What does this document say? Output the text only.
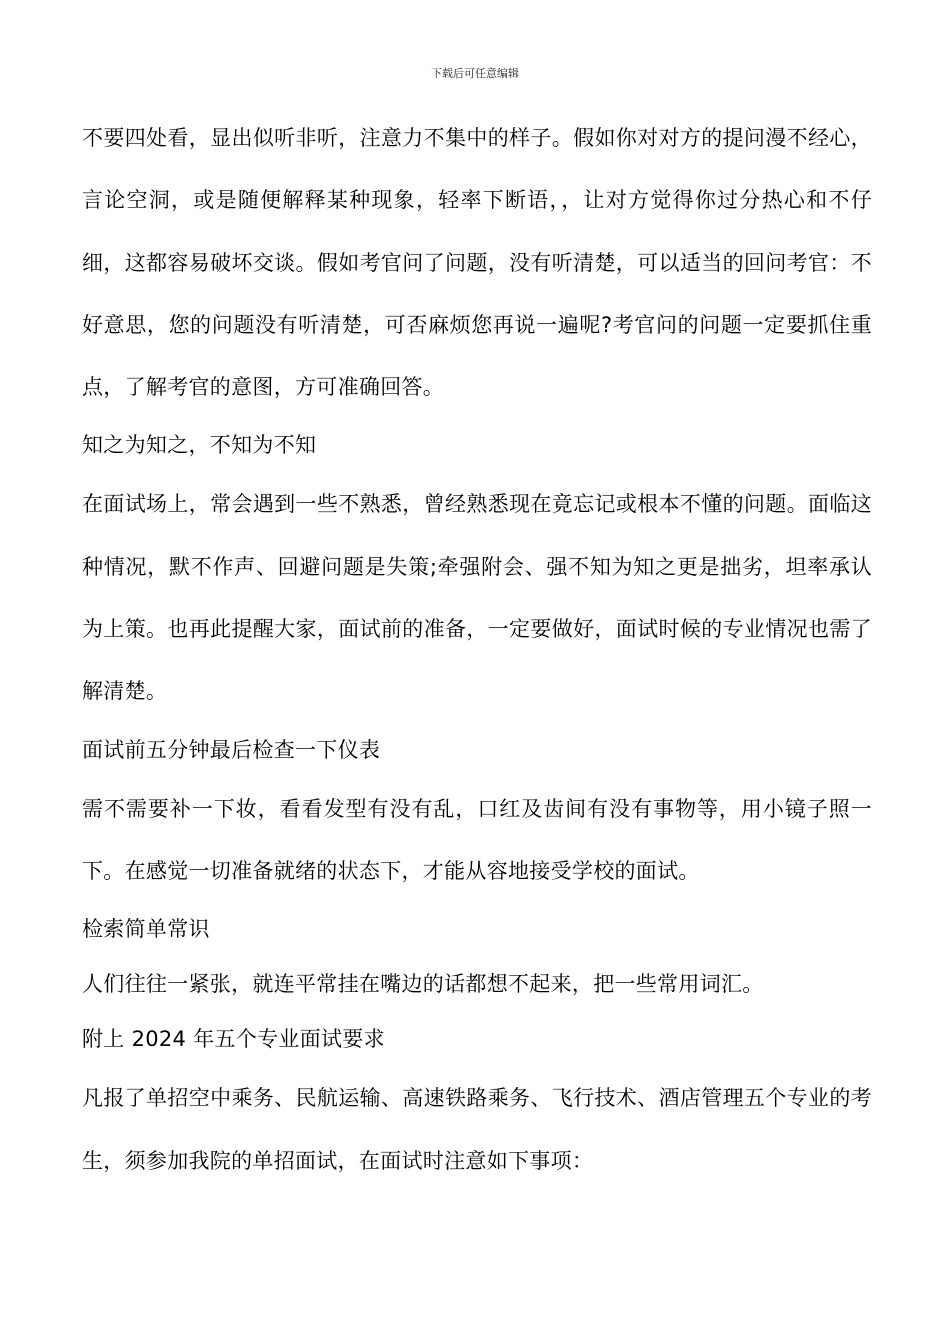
下载后可任意编辑

不要四处看，显出似听非听，注意力不集中的样子。假如你对对方的提问漫不经心，言论空洞，或是随便解释某种现象，轻率下断语，，让对方觉得你过分热心和不仔细，这都容易破坏交谈。假如考官问了问题，没有听清楚，可以适当的回问考官：不好意思，您的问题没有听清楚，可否麻烦您再说一遍呢?考官问的问题一定要抓住重点，了解考官的意图，方可准确回答。

知之为知之，不知为不知

在面试场上，常会遇到一些不熟悉，曾经熟悉现在竟忘记或根本不懂的问题。面临这种情况，默不作声、回避问题是失策;牵强附会、强不知为知之更是拙劣，坦率承认为上策。也再此提醒大家，面试前的准备，一定要做好，面试时候的专业情况也需了解清楚。

面试前五分钟最后检查一下仪表

需不需要补一下妆，看看发型有没有乱，口红及齿间有没有事物等，用小镜子照一下。在感觉一切准备就绪的状态下，才能从容地接受学校的面试。

检索简单常识

人们往往一紧张，就连平常挂在嘴边的话都想不起来，把一些常用词汇。

附上 2024 年五个专业面试要求

凡报了单招空中乘务、民航运输、高速铁路乘务、飞行技术、酒店管理五个专业的考生，须参加我院的单招面试，在面试时注意如下事项：
